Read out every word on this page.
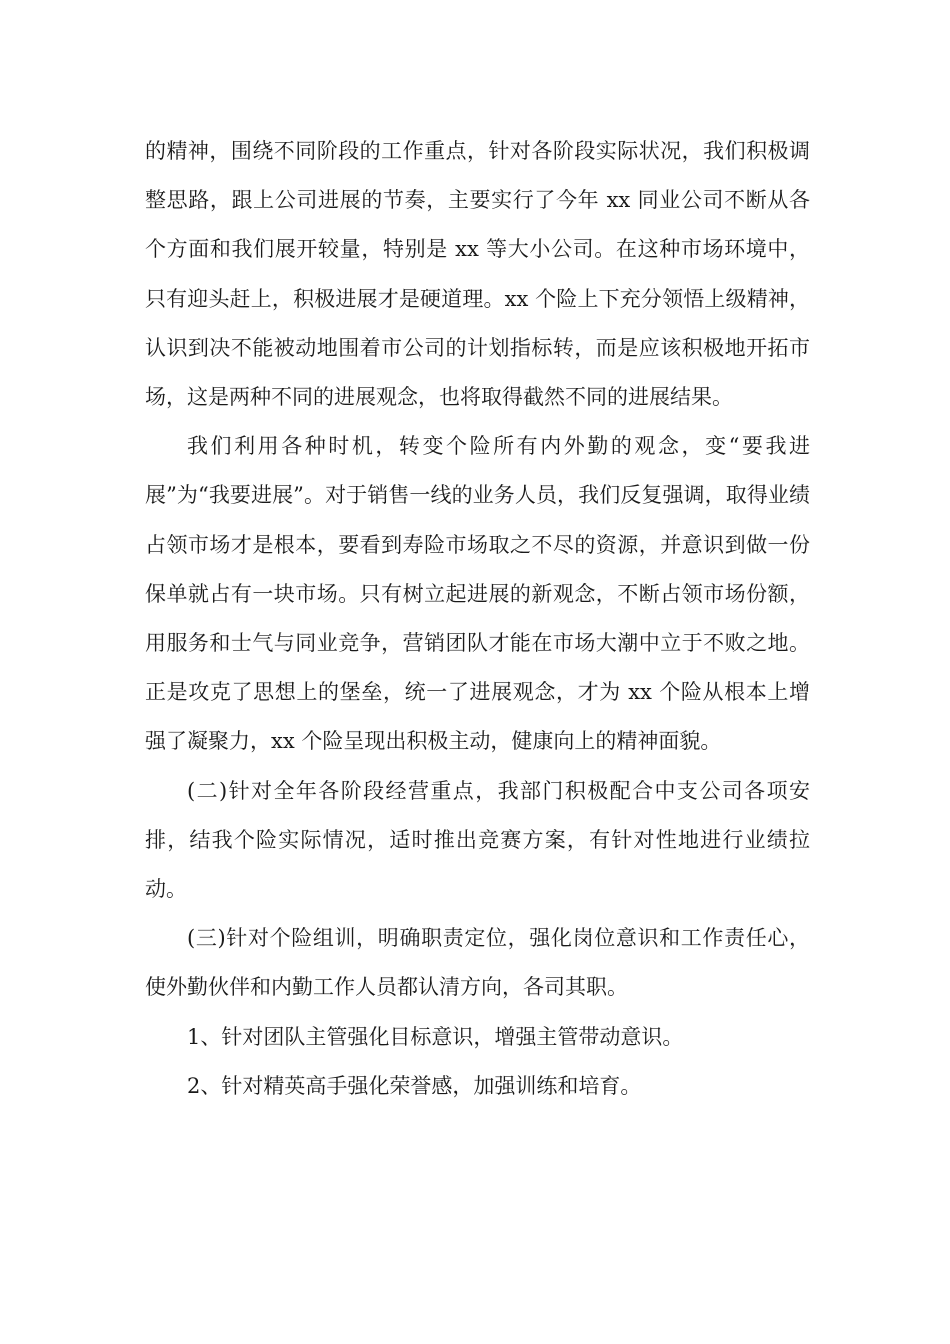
的精神，围绕不同阶段的工作重点，针对各阶段实际状况，我们积极调整思路，跟上公司进展的节奏，主要实行了今年 xx 同业公司不断从各个方面和我们展开较量，特别是 xx 等大小公司。在这种市场环境中，只有迎头赶上，积极进展才是硬道理。xx 个险上下充分领悟上级精神，认识到决不能被动地围着市公司的计划指标转，而是应该积极地开拓市场，这是两种不同的进展观念，也将取得截然不同的进展结果。

我们利用各种时机，转变个险所有内外勤的观念，变“要我进展”为“我要进展”。对于销售一线的业务人员，我们反复强调，取得业绩占领市场才是根本，要看到寿险市场取之不尽的资源，并意识到做一份保单就占有一块市场。只有树立起进展的新观念，不断占领市场份额，用服务和士气与同业竞争，营销团队才能在市场大潮中立于不败之地。正是攻克了思想上的堡垒，统一了进展观念，才为 xx 个险从根本上增强了凝聚力，xx 个险呈现出积极主动，健康向上的精神面貌。

(二)针对全年各阶段经营重点，我部门积极配合中支公司各项安排，结我个险实际情况，适时推出竞赛方案，有针对性地进行业绩拉动。

(三)针对个险组训，明确职责定位，强化岗位意识和工作责任心，使外勤伙伴和内勤工作人员都认清方向，各司其职。

1、针对团队主管强化目标意识，增强主管带动意识。

2、针对精英高手强化荣誉感，加强训练和培育。
